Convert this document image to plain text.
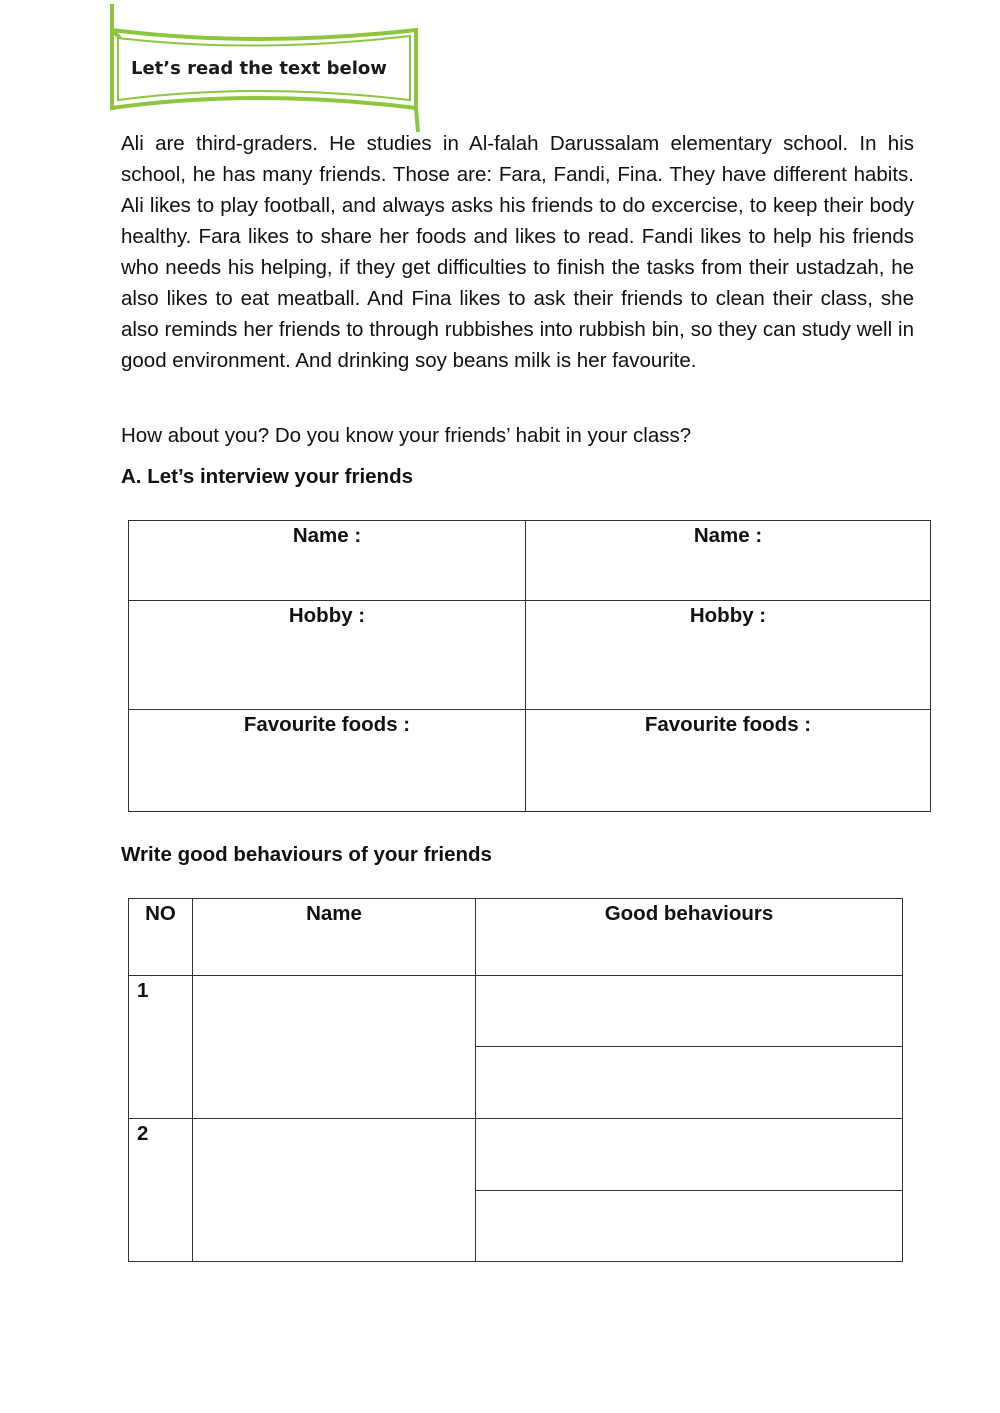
Let’s read the text below

Ali are third-graders. He studies in Al-falah Darussalam elementary school. In his school, he has many friends. Those are: Fara, Fandi, Fina. They have different habits. Ali likes to play football, and always asks his friends to do excercise, to keep their body healthy. Fara likes to share her foods and likes to read. Fandi likes to help his friends who needs his helping, if they get difficulties to finish the tasks from their ustadzah, he also likes to eat meatball. And Fina likes to ask their friends to clean their class, she also reminds her friends to through rubbishes into rubbish bin, so they can study well in good environment. And drinking soy beans milk is her favourite.

How about you? Do you know your friends’ habit in your class?

A. Let’s interview your friends

Name :	Name :
Hobby :	Hobby :
Favourite foods :	Favourite foods :

Write good behaviours of your friends

NO	Name	Good behaviours
1		

2		
